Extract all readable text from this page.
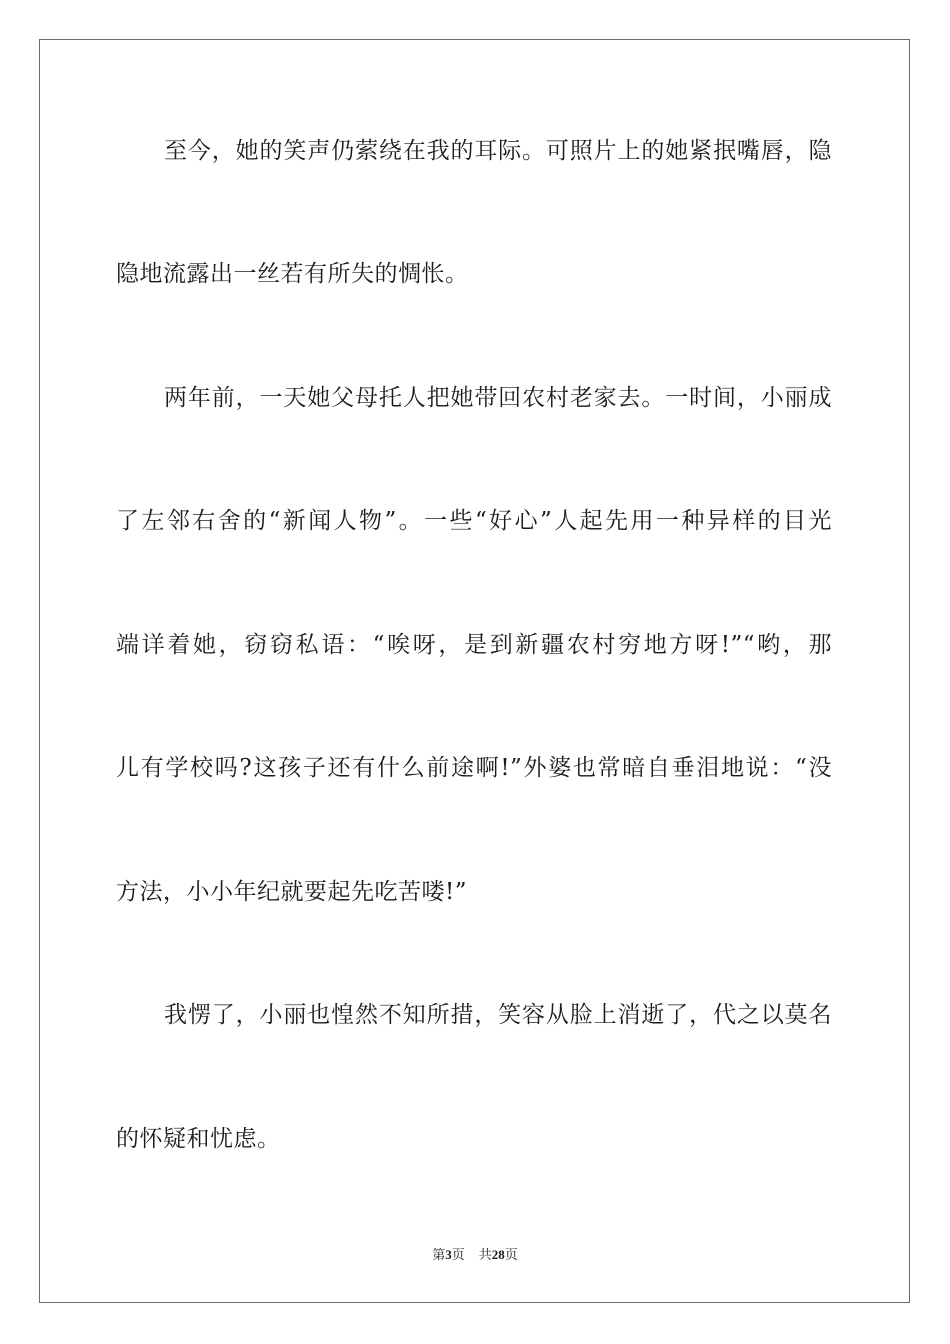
至今，她的笑声仍萦绕在我的耳际。可照片上的她紧抿嘴唇，隐
隐地流露出一丝若有所失的惆怅。
两年前，一天她父母托人把她带回农村老家去。一时间，小丽成
了左邻右舍的“新闻人物”。一些“好心”人起先用一种异样的目光
端详着她，窃窃私语：“唉呀，是到新疆农村穷地方呀!”“哟，那
儿有学校吗?这孩子还有什么前途啊!”外婆也常暗自垂泪地说：“没
方法，小小年纪就要起先吃苦喽!”
我愣了，小丽也惶然不知所措，笑容从脸上消逝了，代之以莫名
的怀疑和忧虑。
第3页 共28页
